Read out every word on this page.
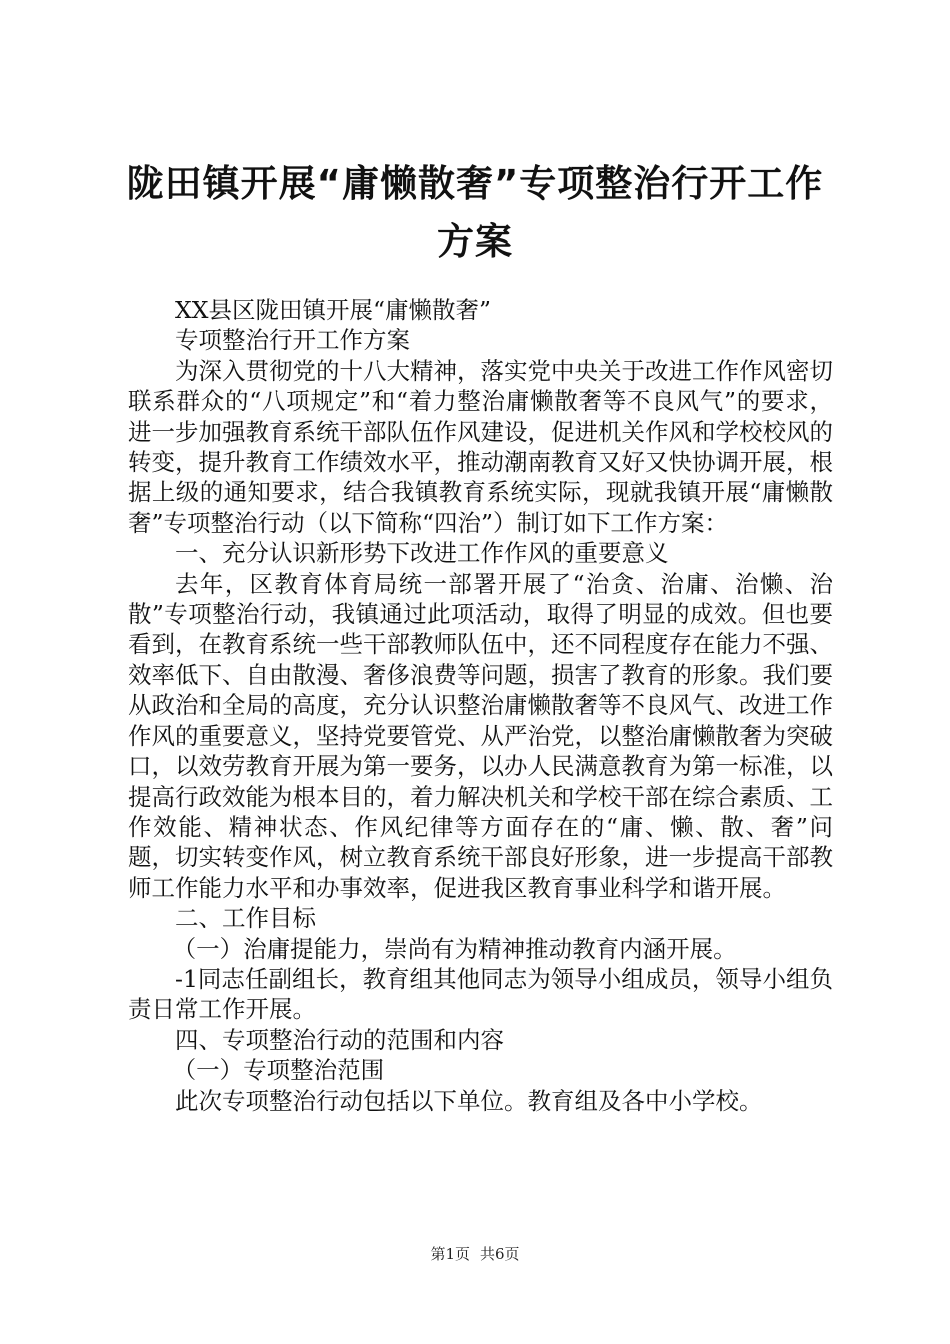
陇田镇开展“庸懒散奢”专项整治行开工作方案

XX县区陇田镇开展“庸懒散奢”

专项整治行开工作方案

为深入贯彻党的十八大精神，落实党中央关于改进工作作风密切联系群众的“八项规定”和“着力整治庸懒散奢等不良风气”的要求，进一步加强教育系统干部队伍作风建设，促进机关作风和学校校风的转变，提升教育工作绩效水平，推动潮南教育又好又快协调开展，根据上级的通知要求，结合我镇教育系统实际，现就我镇开展“庸懒散奢”专项整治行动（以下简称“四治”）制订如下工作方案：

一、充分认识新形势下改进工作作风的重要意义

去年，区教育体育局统一部署开展了“治贪、治庸、治懒、治散”专项整治行动，我镇通过此项活动，取得了明显的成效。但也要看到，在教育系统一些干部教师队伍中，还不同程度存在能力不强、效率低下、自由散漫、奢侈浪费等问题，损害了教育的形象。我们要从政治和全局的高度，充分认识整治庸懒散奢等不良风气、改进工作作风的重要意义，坚持党要管党、从严治党，以整治庸懒散奢为突破口，以效劳教育开展为第一要务，以办人民满意教育为第一标准，以提高行政效能为根本目的，着力解决机关和学校干部在综合素质、工作效能、精神状态、作风纪律等方面存在的“庸、懒、散、奢”问题，切实转变作风，树立教育系统干部良好形象，进一步提高干部教师工作能力水平和办事效率，促进我区教育事业科学和谐开展。

二、工作目标

（一）治庸提能力，崇尚有为精神推动教育内涵开展。

-1同志任副组长，教育组其他同志为领导小组成员，领导小组负责日常工作开展。

四、专项整治行动的范围和内容

（一）专项整治范围

此次专项整治行动包括以下单位。教育组及各中小学校。

第1页 共6页
